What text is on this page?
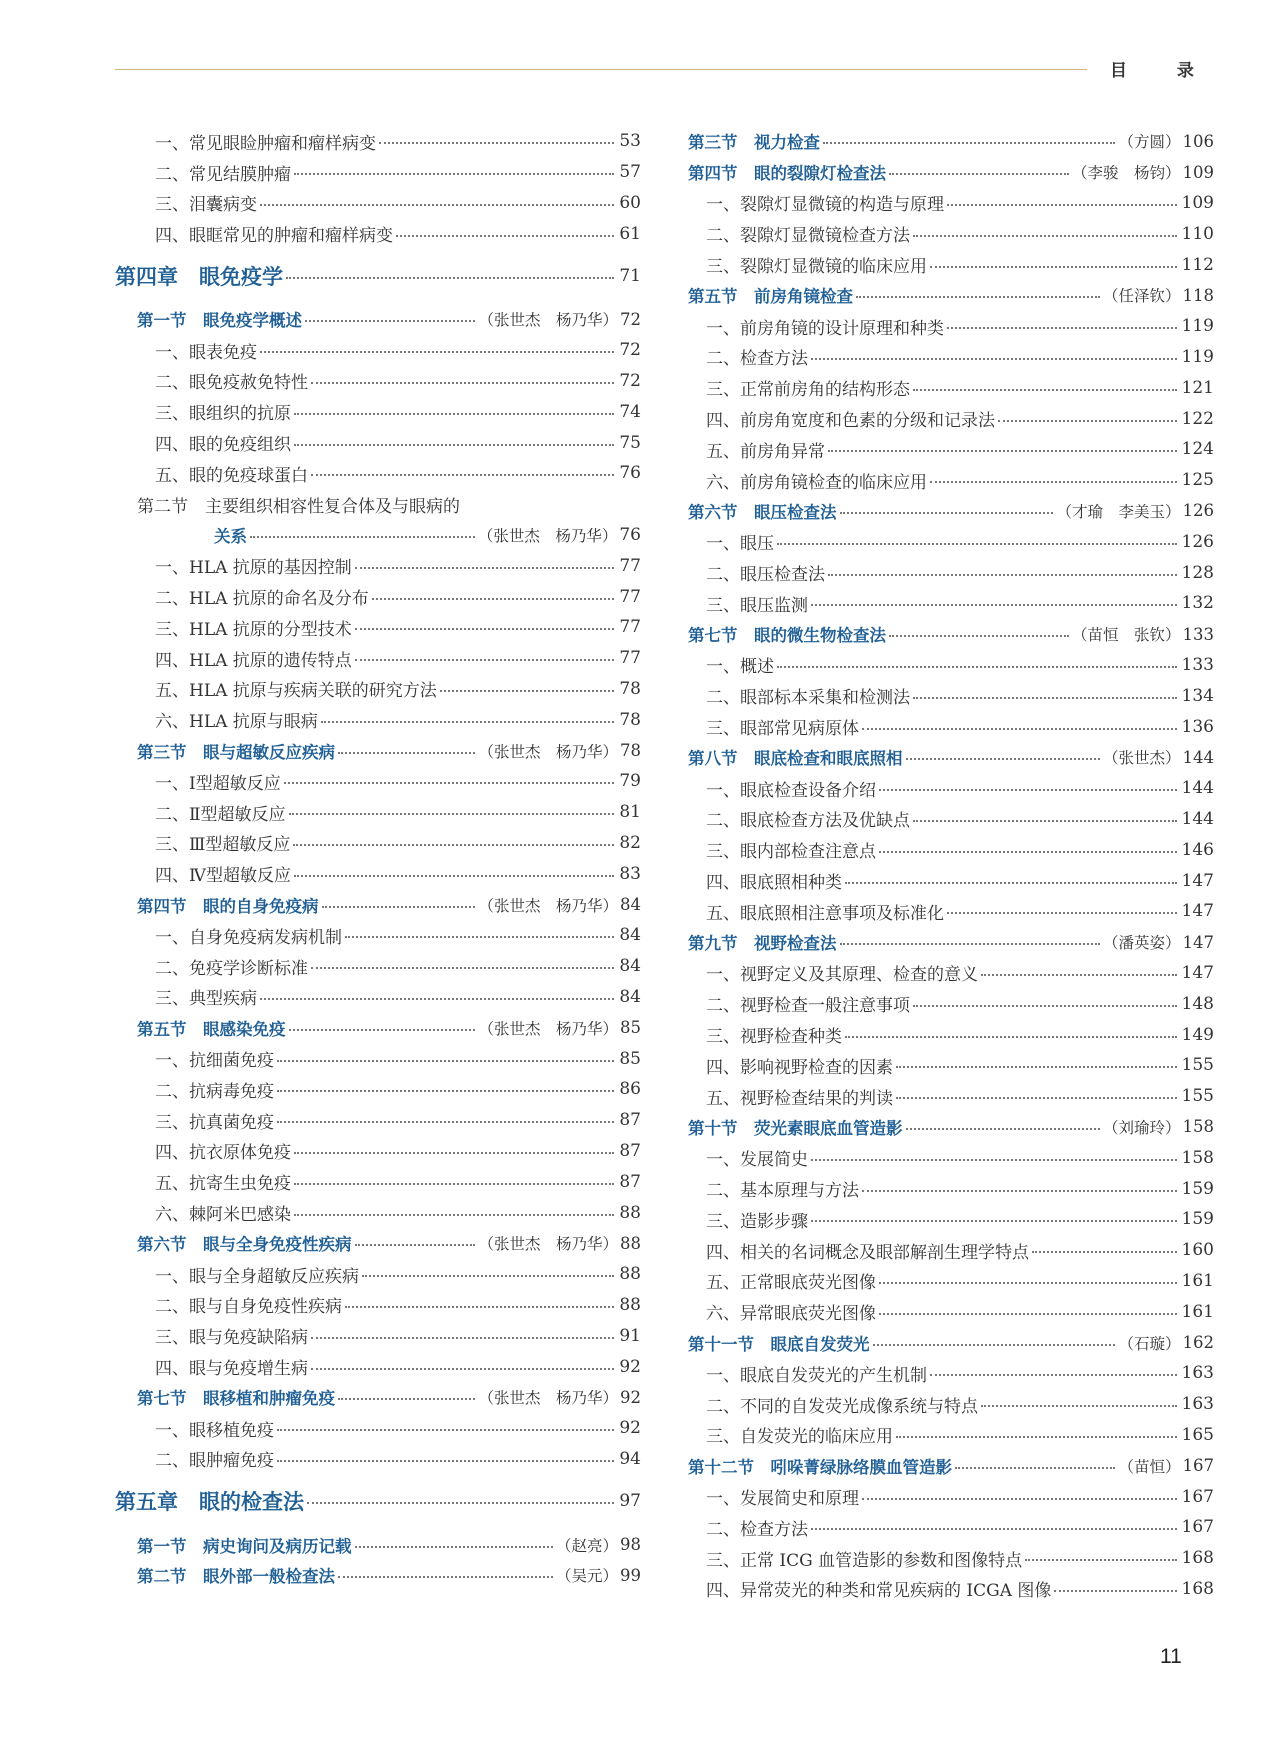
目 录
一、常见眼睑肿瘤和瘤样病变	53
二、常见结膜肿瘤	57
三、泪囊病变	60
四、眼眶常见的肿瘤和瘤样病变	61
第四章　眼免疫学	71
第一节　眼免疫学概述	（张世杰　杨乃华） 72
一、眼表免疫	72
二、眼免疫赦免特性	72
三、眼组织的抗原	74
四、眼的免疫组织	75
五、眼的免疫球蛋白	76
第二节　主要组织相容性复合体及与眼病的
关系	（张世杰　杨乃华） 76
一、HLA 抗原的基因控制	77
二、HLA 抗原的命名及分布	77
三、HLA 抗原的分型技术	77
四、HLA 抗原的遗传特点	77
五、HLA 抗原与疾病关联的研究方法	78
六、HLA 抗原与眼病	78
第三节　眼与超敏反应疾病	（张世杰　杨乃华） 78
一、Ⅰ型超敏反应	79
二、Ⅱ型超敏反应	81
三、Ⅲ型超敏反应	82
四、Ⅳ型超敏反应	83
第四节　眼的自身免疫病	（张世杰　杨乃华） 84
一、自身免疫病发病机制	84
二、免疫学诊断标准	84
三、典型疾病	84
第五节　眼感染免疫	（张世杰　杨乃华） 85
一、抗细菌免疫	85
二、抗病毒免疫	86
三、抗真菌免疫	87
四、抗衣原体免疫	87
五、抗寄生虫免疫	87
六、棘阿米巴感染	88
第六节　眼与全身免疫性疾病	（张世杰　杨乃华） 88
一、眼与全身超敏反应疾病	88
二、眼与自身免疫性疾病	88
三、眼与免疫缺陷病	91
四、眼与免疫增生病	92
第七节　眼移植和肿瘤免疫	（张世杰　杨乃华） 92
一、眼移植免疫	92
二、眼肿瘤免疫	94
第五章　眼的检查法	97
第一节　病史询问及病历记载	（赵亮） 98
第二节　眼外部一般检查法	（吴元） 99
第三节　视力检查	（方圆） 106
第四节　眼的裂隙灯检查法	（李骏　杨钧） 109
一、裂隙灯显微镜的构造与原理	109
二、裂隙灯显微镜检查方法	110
三、裂隙灯显微镜的临床应用	112
第五节　前房角镜检查	（任泽钦） 118
一、前房角镜的设计原理和种类	119
二、检查方法	119
三、正常前房角的结构形态	121
四、前房角宽度和色素的分级和记录法	122
五、前房角异常	124
六、前房角镜检查的临床应用	125
第六节　眼压检查法	（才瑜　李美玉） 126
一、眼压	126
二、眼压检查法	128
三、眼压监测	132
第七节　眼的微生物检查法	（苗恒　张钦） 133
一、概述	133
二、眼部标本采集和检测法	134
三、眼部常见病原体	136
第八节　眼底检查和眼底照相	（张世杰） 144
一、眼底检查设备介绍	144
二、眼底检查方法及优缺点	144
三、眼内部检查注意点	146
四、眼底照相种类	147
五、眼底照相注意事项及标准化	147
第九节　视野检查法	（潘英姿） 147
一、视野定义及其原理、检查的意义	147
二、视野检查一般注意事项	148
三、视野检查种类	149
四、影响视野检查的因素	155
五、视野检查结果的判读	155
第十节　荧光素眼底血管造影	（刘瑜玲） 158
一、发展简史	158
二、基本原理与方法	159
三、造影步骤	159
四、相关的名词概念及眼部解剖生理学特点	160
五、正常眼底荧光图像	161
六、异常眼底荧光图像	161
第十一节　眼底自发荧光	（石璇） 162
一、眼底自发荧光的产生机制	163
二、不同的自发荧光成像系统与特点	163
三、自发荧光的临床应用	165
第十二节　吲哚菁绿脉络膜血管造影	（苗恒） 167
一、发展简史和原理	167
二、检查方法	167
三、正常 ICG 血管造影的参数和图像特点	168
四、异常荧光的种类和常见疾病的 ICGA 图像	168
11
